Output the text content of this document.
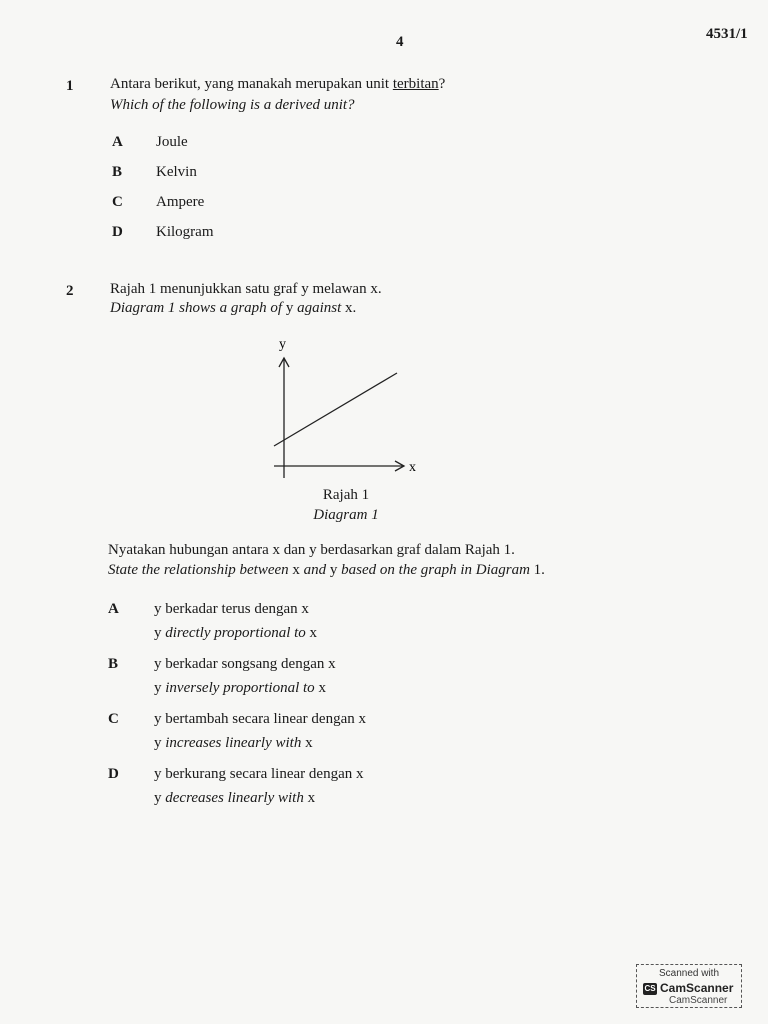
4	4531/1
1 Antara berikut, yang manakah merupakan unit terbitan?
Which of the following is a derived unit?
A Joule
B Kelvin
C Ampere
D Kilogram
2 Rajah 1 menunjukkan satu graf y melawan x.
Diagram 1 shows a graph of y against x.
y
x
Rajah 1
Diagram 1
Nyatakan hubungan antara x dan y berdasarkan graf dalam Rajah 1.
State the relationship between x and y based on the graph in Diagram 1.
A y berkadar terus dengan x
y directly proportional to x
B y berkadar songsang dengan x
y inversely proportional to x
C y bertambah secara linear dengan x
y increases linearly with x
D y berkurang secara linear dengan x
y decreases linearly with x
Scanned with
CS CamScanner
CamScanner
